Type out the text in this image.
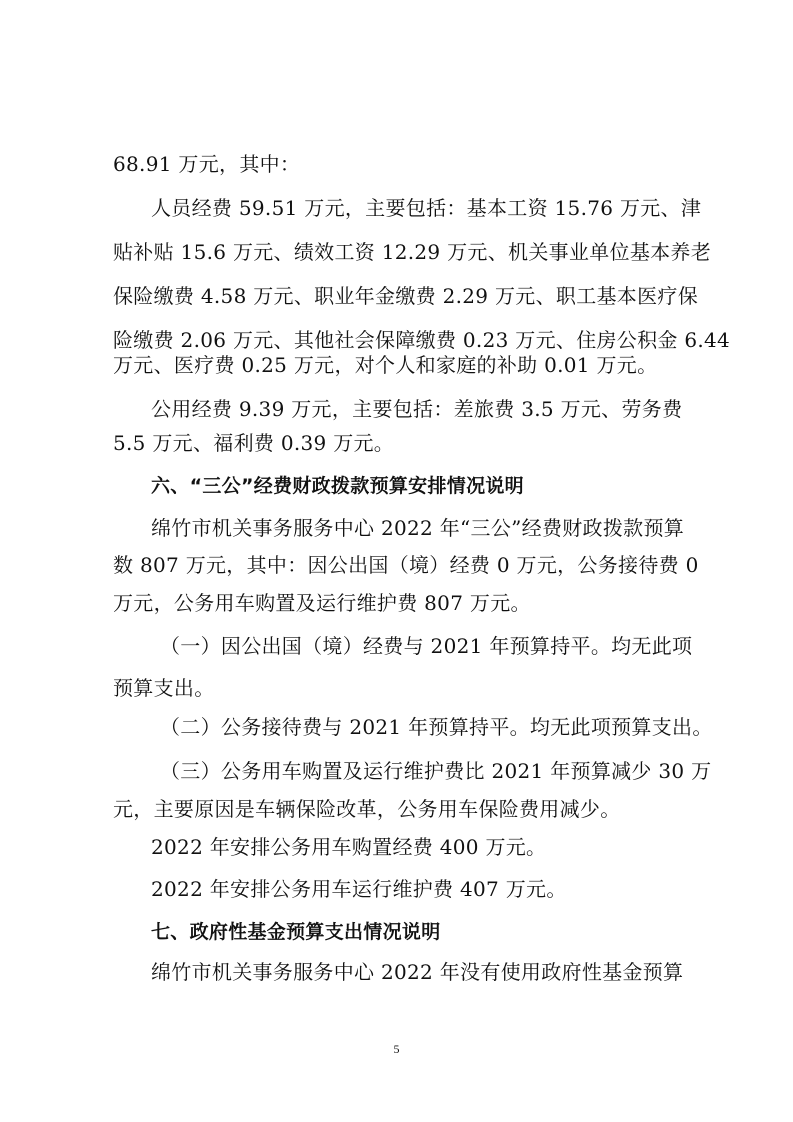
68.91 万元，其中：
人员经费 59.51 万元，主要包括：基本工资 15.76 万元、津
贴补贴 15.6 万元、绩效工资 12.29 万元、机关事业单位基本养老
保险缴费 4.58 万元、职业年金缴费 2.29 万元、职工基本医疗保
险缴费 2.06 万元、其他社会保障缴费 0.23 万元、住房公积金 6.44
万元、医疗费 0.25 万元，对个人和家庭的补助 0.01 万元。
公用经费 9.39 万元，主要包括：差旅费 3.5 万元、劳务费
5.5 万元、福利费 0.39 万元。
六、“三公”经费财政拨款预算安排情况说明
绵竹市机关事务服务中心 2022 年“三公”经费财政拨款预算
数 807 万元，其中：因公出国（境）经费 0 万元，公务接待费 0
万元，公务用车购置及运行维护费 807 万元。
（一）因公出国（境）经费与 2021 年预算持平。均无此项
预算支出。
（二）公务接待费与 2021 年预算持平。均无此项预算支出。
（三）公务用车购置及运行维护费比 2021 年预算减少 30 万
元，主要原因是车辆保险改革，公务用车保险费用减少。
2022 年安排公务用车购置经费 400 万元。
2022 年安排公务用车运行维护费 407 万元。
七、政府性基金预算支出情况说明
绵竹市机关事务服务中心 2022 年没有使用政府性基金预算
5
